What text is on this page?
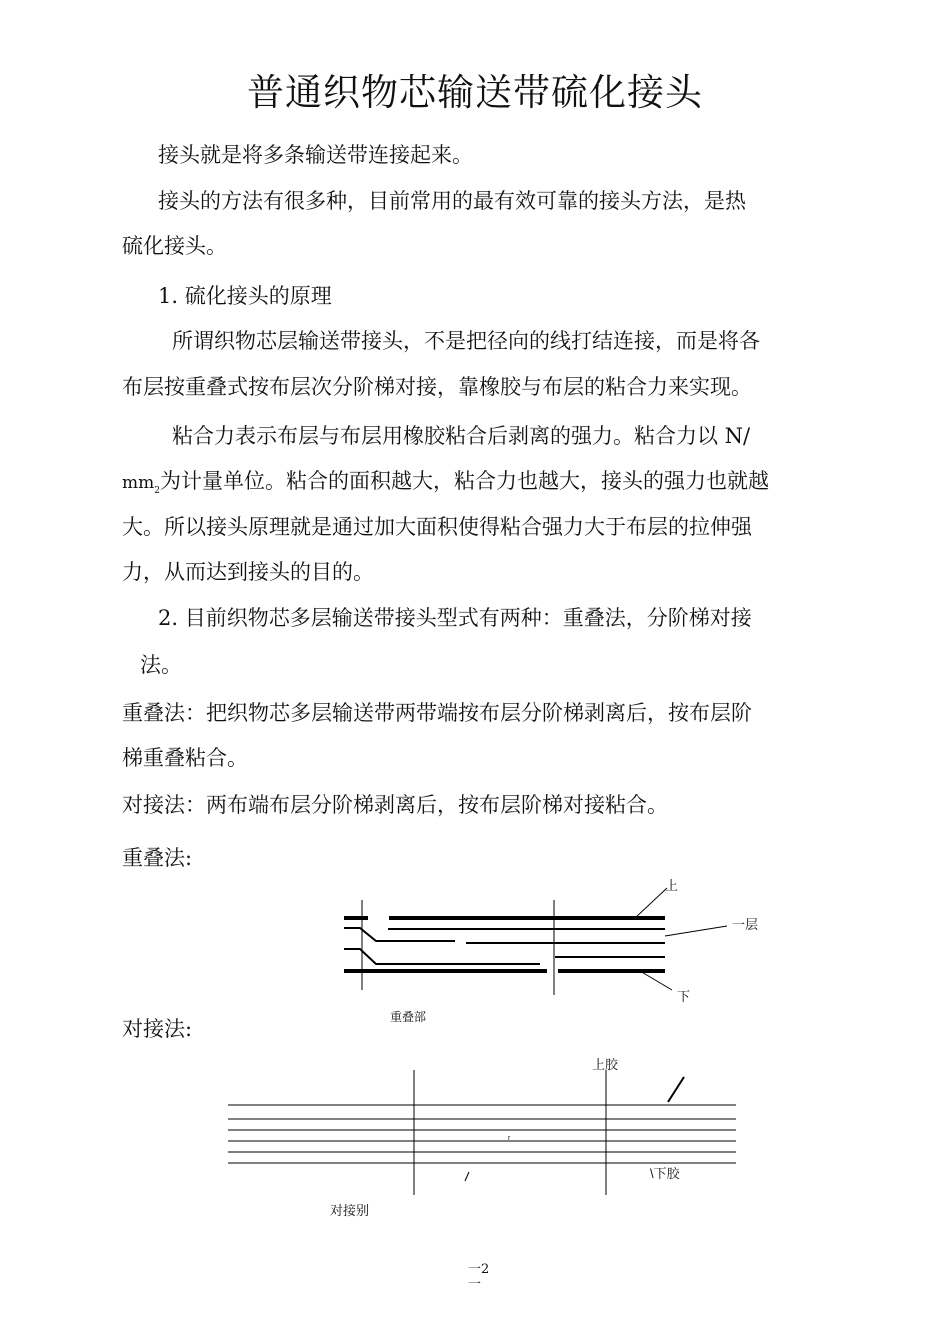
普通织物芯输送带硫化接头

接头就是将多条输送带连接起来。

接头的方法有很多种，目前常用的最有效可靠的接头方法，是热

硫化接头。

1. 硫化接头的原理

所谓织物芯层输送带接头，不是把径向的线打结连接，而是将各

布层按重叠式按布层次分阶梯对接，靠橡胶与布层的粘合力来实现。

粘合力表示布层与布层用橡胶粘合后剥离的强力。粘合力以 N/

$mm_2$为计量单位。粘合的面积越大，粘合力也越大，接头的强力也就越

大。所以接头原理就是通过加大面积使得粘合强力大于布层的拉伸强

力，从而达到接头的目的。

2. 目前织物芯多层输送带接头型式有两种：重叠法，分阶梯对接

法。

重叠法：把织物芯多层输送带两带端按布层分阶梯剥离后，按布层阶

梯重叠粘合。

对接法：两布端布层分阶梯剥离后，按布层阶梯对接粘合。

重叠法:

对接法:

上
一层
下
重叠部
上胶
r
\下胶
对接别
一2
一
